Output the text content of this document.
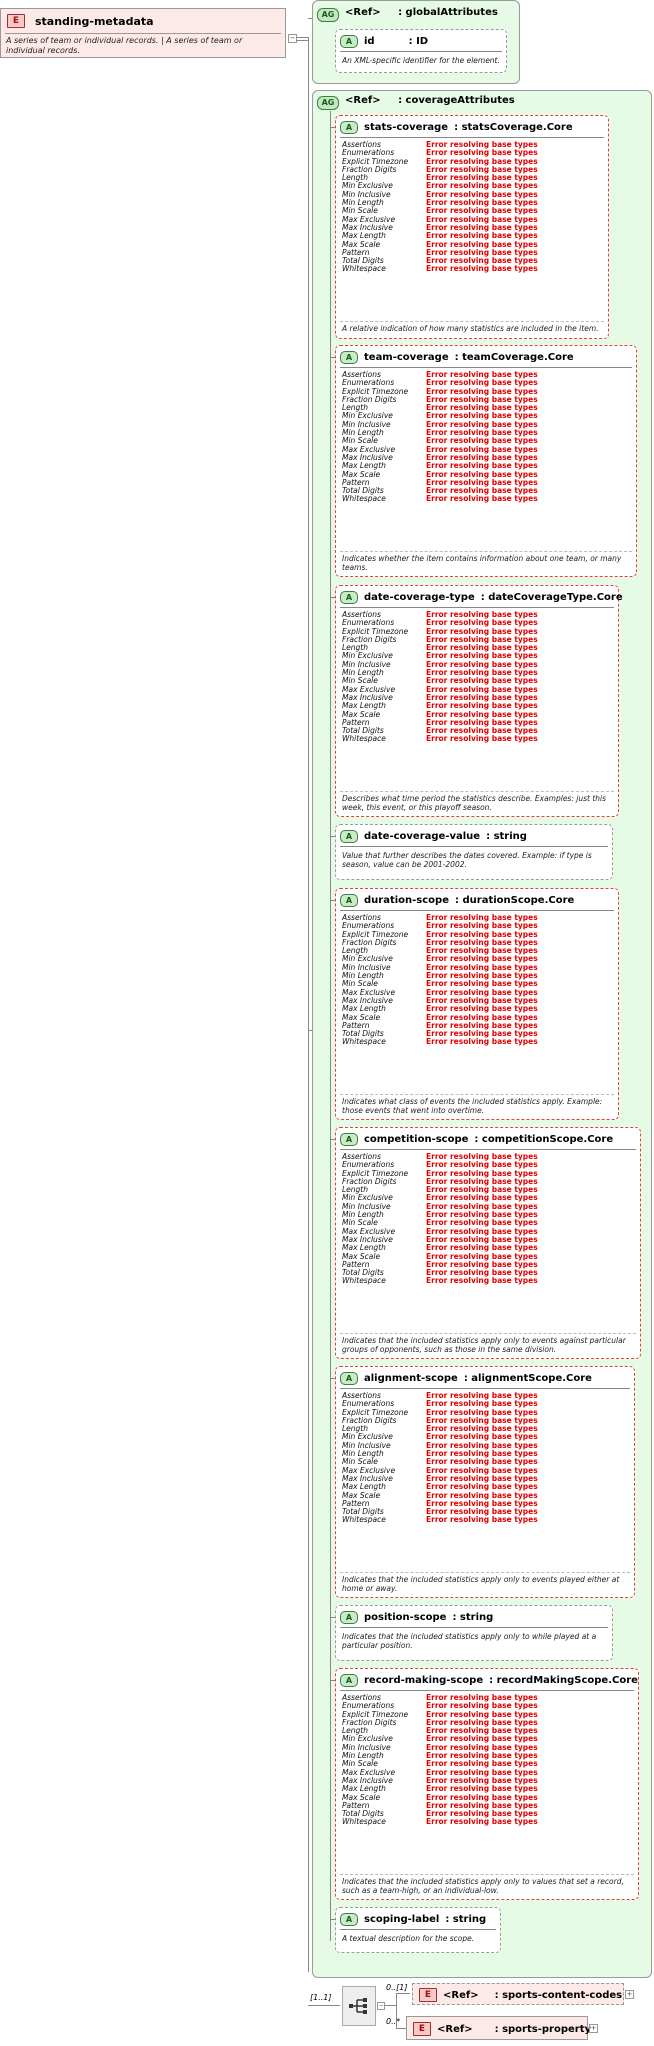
E	standing-metadata
A series of team or individual records. | A series of team or individual records.
−
AG	<Ref> : globalAttributes
A	id	: ID
An XML-specific identifier for the element.
AG	<Ref> : coverageAttributes
A	stats-coverage : statsCoverage.Core
Assertions	Error resolving base types
Enumerations	Error resolving base types
Explicit Timezone	Error resolving base types
Fraction Digits	Error resolving base types
Length	Error resolving base types
Min Exclusive	Error resolving base types
Min Inclusive	Error resolving base types
Min Length	Error resolving base types
Min Scale	Error resolving base types
Max Exclusive	Error resolving base types
Max Inclusive	Error resolving base types
Max Length	Error resolving base types
Max Scale	Error resolving base types
Pattern	Error resolving base types
Total Digits	Error resolving base types
Whitespace	Error resolving base types
A relative indication of how many statistics are included in the item.
A	team-coverage : teamCoverage.Core
Assertions	Error resolving base types
Enumerations	Error resolving base types
Explicit Timezone	Error resolving base types
Fraction Digits	Error resolving base types
Length	Error resolving base types
Min Exclusive	Error resolving base types
Min Inclusive	Error resolving base types
Min Length	Error resolving base types
Min Scale	Error resolving base types
Max Exclusive	Error resolving base types
Max Inclusive	Error resolving base types
Max Length	Error resolving base types
Max Scale	Error resolving base types
Pattern	Error resolving base types
Total Digits	Error resolving base types
Whitespace	Error resolving base types
Indicates whether the item contains information about one team, or many teams.
A	date-coverage-type : dateCoverageType.Core
Assertions	Error resolving base types
Enumerations	Error resolving base types
Explicit Timezone	Error resolving base types
Fraction Digits	Error resolving base types
Length	Error resolving base types
Min Exclusive	Error resolving base types
Min Inclusive	Error resolving base types
Min Length	Error resolving base types
Min Scale	Error resolving base types
Max Exclusive	Error resolving base types
Max Inclusive	Error resolving base types
Max Length	Error resolving base types
Max Scale	Error resolving base types
Pattern	Error resolving base types
Total Digits	Error resolving base types
Whitespace	Error resolving base types
Describes what time period the statistics describe. Examples: just this week, this event, or this playoff season.
A	date-coverage-value : string
Value that further describes the dates covered. Example: if type is season, value can be 2001-2002.
A	duration-scope : durationScope.Core
Assertions	Error resolving base types
Enumerations	Error resolving base types
Explicit Timezone	Error resolving base types
Fraction Digits	Error resolving base types
Length	Error resolving base types
Min Exclusive	Error resolving base types
Min Inclusive	Error resolving base types
Min Length	Error resolving base types
Min Scale	Error resolving base types
Max Exclusive	Error resolving base types
Max Inclusive	Error resolving base types
Max Length	Error resolving base types
Max Scale	Error resolving base types
Pattern	Error resolving base types
Total Digits	Error resolving base types
Whitespace	Error resolving base types
Indicates what class of events the included statistics apply. Example: those events that went into overtime.
A	competition-scope : competitionScope.Core
Assertions	Error resolving base types
Enumerations	Error resolving base types
Explicit Timezone	Error resolving base types
Fraction Digits	Error resolving base types
Length	Error resolving base types
Min Exclusive	Error resolving base types
Min Inclusive	Error resolving base types
Min Length	Error resolving base types
Min Scale	Error resolving base types
Max Exclusive	Error resolving base types
Max Inclusive	Error resolving base types
Max Length	Error resolving base types
Max Scale	Error resolving base types
Pattern	Error resolving base types
Total Digits	Error resolving base types
Whitespace	Error resolving base types
Indicates that the included statistics apply only to events against particular groups of opponents, such as those in the same division.
A	alignment-scope : alignmentScope.Core
Assertions	Error resolving base types
Enumerations	Error resolving base types
Explicit Timezone	Error resolving base types
Fraction Digits	Error resolving base types
Length	Error resolving base types
Min Exclusive	Error resolving base types
Min Inclusive	Error resolving base types
Min Length	Error resolving base types
Min Scale	Error resolving base types
Max Exclusive	Error resolving base types
Max Inclusive	Error resolving base types
Max Length	Error resolving base types
Max Scale	Error resolving base types
Pattern	Error resolving base types
Total Digits	Error resolving base types
Whitespace	Error resolving base types
Indicates that the included statistics apply only to events played either at home or away.
A	position-scope : string
Indicates that the included statistics apply only to while played at a particular position.
A	record-making-scope : recordMakingScope.Core
Assertions	Error resolving base types
Enumerations	Error resolving base types
Explicit Timezone	Error resolving base types
Fraction Digits	Error resolving base types
Length	Error resolving base types
Min Exclusive	Error resolving base types
Min Inclusive	Error resolving base types
Min Length	Error resolving base types
Min Scale	Error resolving base types
Max Exclusive	Error resolving base types
Max Inclusive	Error resolving base types
Max Length	Error resolving base types
Max Scale	Error resolving base types
Pattern	Error resolving base types
Total Digits	Error resolving base types
Whitespace	Error resolving base types
Indicates that the included statistics apply only to values that set a record, such as a team-high, or an individual-low.
A	scoping-label : string
A textual description for the scope.
[1..1]
−
0..[1]
E	<Ref> : sports-content-codes +
0..*
E	<Ref> : sports-property +
